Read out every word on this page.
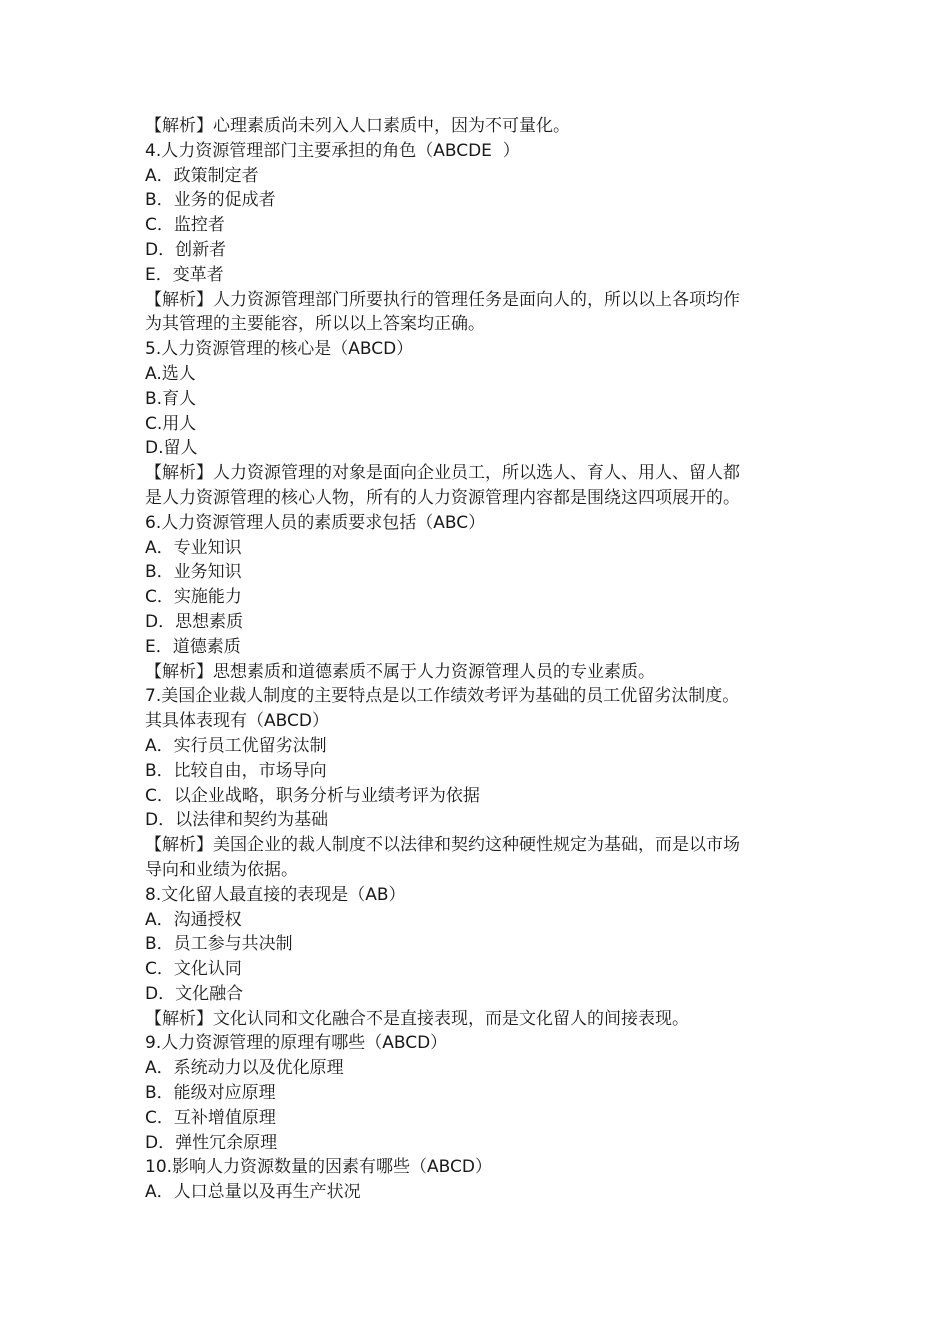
【解析】心理素质尚未列入人口素质中，因为不可量化。
4.人力资源管理部门主要承担的角色（ABCDE  ）
A．政策制定者
B．业务的促成者
C．监控者
D．创新者
E．变革者
【解析】人力资源管理部门所要执行的管理任务是面向人的，所以以上各项均作
为其管理的主要能容，所以以上答案均正确。
5.人力资源管理的核心是（ABCD）
A.选人
B.育人
C.用人
D.留人
【解析】人力资源管理的对象是面向企业员工，所以选人、育人、用人、留人都
是人力资源管理的核心人物，所有的人力资源管理内容都是围绕这四项展开的。
6.人力资源管理人员的素质要求包括（ABC）
A．专业知识
B．业务知识
C．实施能力
D．思想素质
E．道德素质
【解析】思想素质和道德素质不属于人力资源管理人员的专业素质。
7.美国企业裁人制度的主要特点是以工作绩效考评为基础的员工优留劣汰制度。
其具体表现有（ABCD）
A．实行员工优留劣汰制
B．比较自由，市场导向
C．以企业战略，职务分析与业绩考评为依据
D．以法律和契约为基础
【解析】美国企业的裁人制度不以法律和契约这种硬性规定为基础，而是以市场
导向和业绩为依据。
8.文化留人最直接的表现是（AB）
A．沟通授权
B．员工参与共决制
C．文化认同
D．文化融合
【解析】文化认同和文化融合不是直接表现，而是文化留人的间接表现。
9.人力资源管理的原理有哪些（ABCD）
A．系统动力以及优化原理
B．能级对应原理
C．互补增值原理
D．弹性冗余原理
10.影响人力资源数量的因素有哪些（ABCD）
A．人口总量以及再生产状况
